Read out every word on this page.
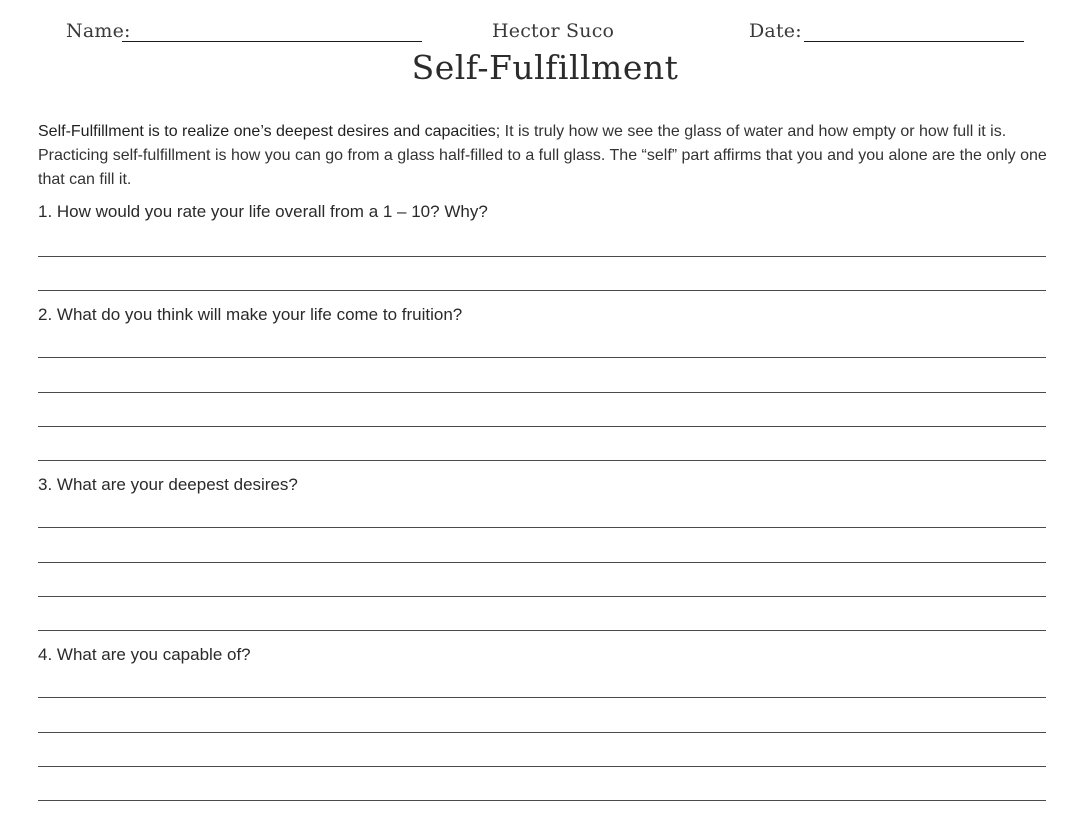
Name:	Hector Suco	Date:
Self-Fulfillment

Self-Fulfillment is to realize one’s deepest desires and capacities; It is truly how we see the glass of water and how empty or how full it is. Practicing self-fulfillment is how you can go from a glass half-filled to a full glass. The “self” part affirms that you and you alone are the only one that can fill it.

1. How would you rate your life overall from a 1 – 10? Why?
2. What do you think will make your life come to fruition?
3. What are your deepest desires?
4. What are you capable of?
